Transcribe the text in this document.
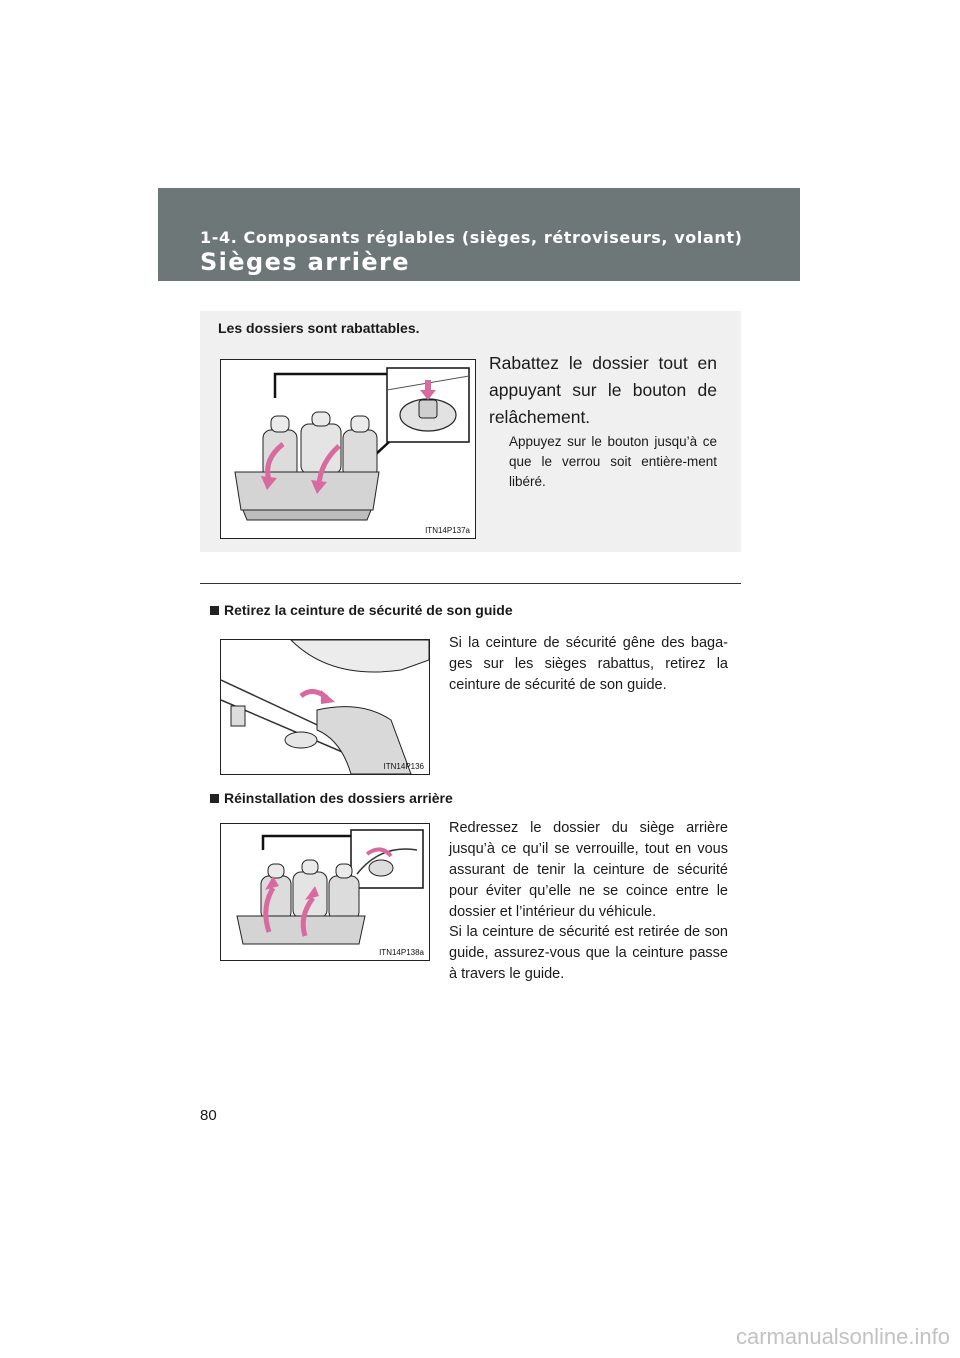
1-4. Composants réglables (sièges, rétroviseurs, volant)
Sièges arrière
Les dossiers sont rabattables.
ITN14P137a
Rabattez le dossier tout en appuyant sur le bouton de relâchement.
Appuyez sur le bouton jusqu’à ce que le verrou soit entière-ment libéré.
Retirez la ceinture de sécurité de son guide
ITN14P136
Si la ceinture de sécurité gêne des baga-ges sur les sièges rabattus, retirez la ceinture de sécurité de son guide.
Réinstallation des dossiers arrière
ITN14P138a
Redressez le dossier du siège arrière jusqu’à ce qu’il se verrouille, tout en vous assurant de tenir la ceinture de sécurité pour éviter qu’elle ne se coince entre le dossier et l’intérieur du véhicule.
Si la ceinture de sécurité est retirée de son guide, assurez-vous que la ceinture passe à travers le guide.
80
carmanualsonline.info
